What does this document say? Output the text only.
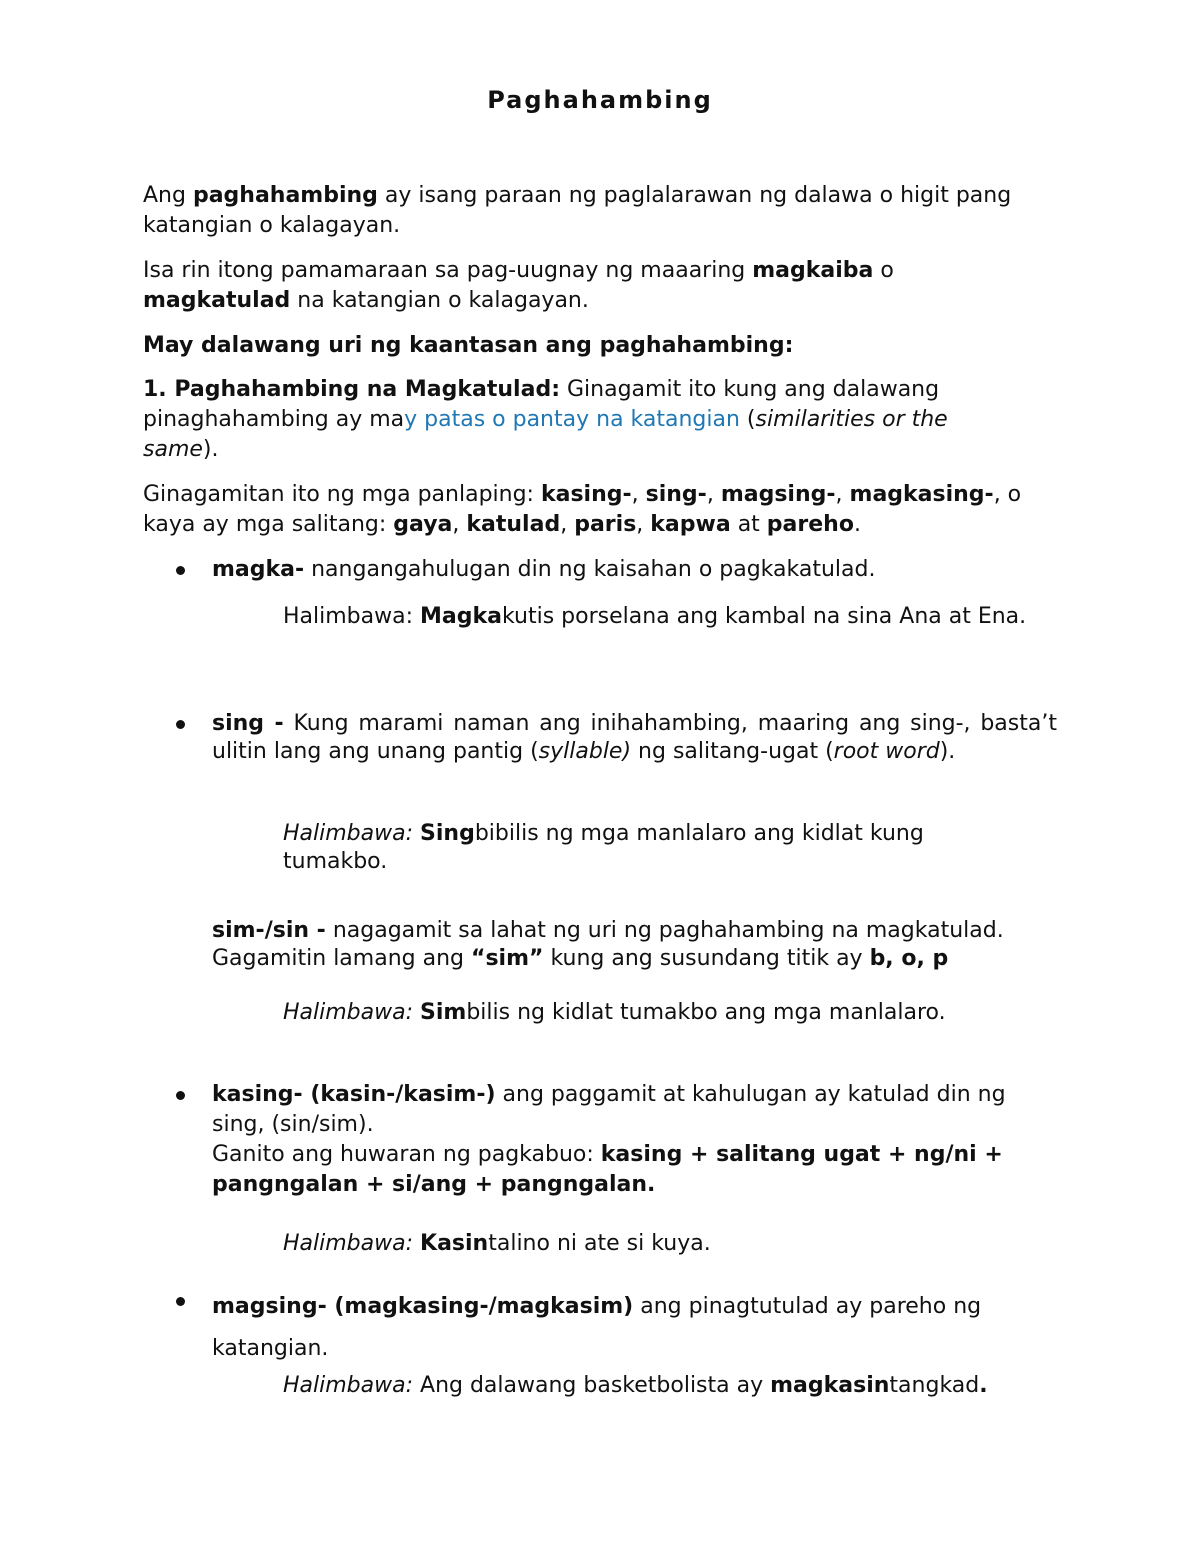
Paghahambing
Ang paghahambing ay isang paraan ng paglalarawan ng dalawa o higit pang katangian o kalagayan.
Isa rin itong pamamaraan sa pag-uugnay ng maaaring magkaiba o magkatulad na katangian o kalagayan.
May dalawang uri ng kaantasan ang paghahambing:
1. Paghahambing na Magkatulad: Ginagamit ito kung ang dalawang pinaghahambing ay may patas o pantay na katangian (similarities or the same).
Ginagamitan ito ng mga panlaping: kasing-, sing-, magsing-, magkasing-, o kaya ay mga salitang: gaya, katulad, paris, kapwa at pareho.
magka- nangangahulugan din ng kaisahan o pagkakatulad.
Halimbawa: Magkakutis porselana ang kambal na sina Ana at Ena.
sing - Kung marami naman ang inihahambing, maaring ang sing-, basta’t ulitin lang ang unang pantig (syllable) ng salitang-ugat (root word).
Halimbawa: Singbibilis ng mga manlalaro ang kidlat kung tumakbo.
sim-/sin - nagagamit sa lahat ng uri ng paghahambing na magkatulad. Gagamitin lamang ang “sim” kung ang susundang titik ay b, o, p
Halimbawa: Simbilis ng kidlat tumakbo ang mga manlalaro.
kasing- (kasin-/kasim-) ang paggamit at kahulugan ay katulad din ng sing, (sin/sim).
Ganito ang huwaran ng pagkabuo: kasing + salitang ugat + ng/ni + pangngalan + si/ang + pangngalan.
Halimbawa: Kasintalino ni ate si kuya.
magsing- (magkasing-/magkasim) ang pinagtutulad ay pareho ng katangian.
Halimbawa: Ang dalawang basketbolista ay magkasintangkad.
